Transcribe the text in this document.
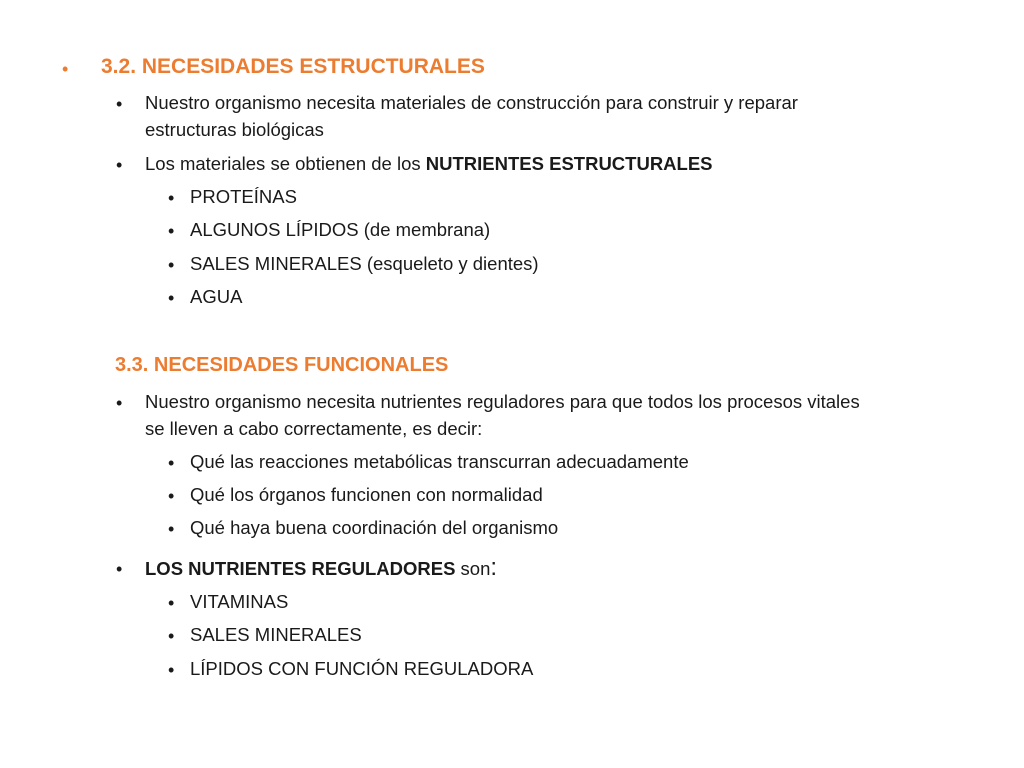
• 3.2. NECESIDADES ESTRUCTURALES
• Nuestro organismo necesita materiales de construcción para construir y reparar
estructuras biológicas
• Los materiales se obtienen de los NUTRIENTES ESTRUCTURALES
• PROTEÍNAS
• ALGUNOS LÍPIDOS (de membrana)
• SALES MINERALES (esqueleto y dientes)
• AGUA
3.3. NECESIDADES FUNCIONALES
• Nuestro organismo necesita nutrientes reguladores para que todos los procesos vitales
se lleven a cabo correctamente, es decir:
• Qué las reacciones metabólicas transcurran adecuadamente
• Qué los órganos funcionen con normalidad
• Qué haya buena coordinación del organismo
• LOS NUTRIENTES REGULADORES son:
• VITAMINAS
• SALES MINERALES
• LÍPIDOS CON FUNCIÓN REGULADORA
